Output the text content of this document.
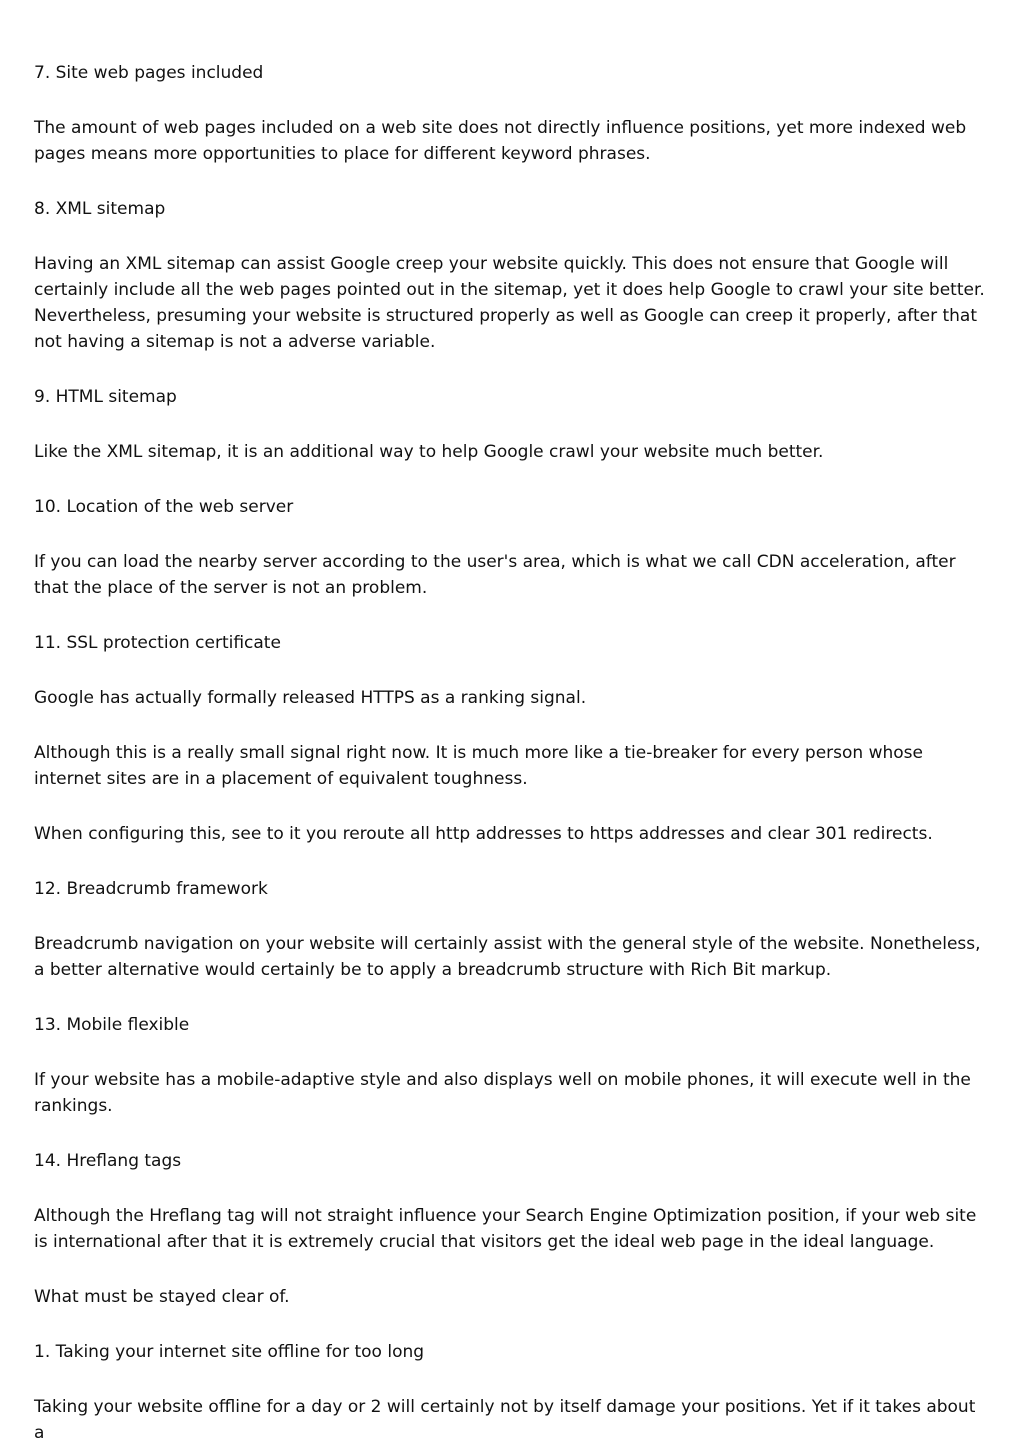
7. Site web pages included

The amount of web pages included on a web site does not directly influence positions, yet more indexed web pages means more opportunities to place for different keyword phrases.

8. XML sitemap

Having an XML sitemap can assist Google creep your website quickly. This does not ensure that Google will certainly include all the web pages pointed out in the sitemap, yet it does help Google to crawl your site better. Nevertheless, presuming your website is structured properly as well as Google can creep it properly, after that not having a sitemap is not a adverse variable.

9. HTML sitemap

Like the XML sitemap, it is an additional way to help Google crawl your website much better.

10. Location of the web server

If you can load the nearby server according to the user's area, which is what we call CDN acceleration, after that the place of the server is not an problem.

11. SSL protection certificate

Google has actually formally released HTTPS as a ranking signal.

Although this is a really small signal right now. It is much more like a tie-breaker for every person whose internet sites are in a placement of equivalent toughness.

When configuring this, see to it you reroute all http addresses to https addresses and clear 301 redirects.

12. Breadcrumb framework

Breadcrumb navigation on your website will certainly assist with the general style of the website. Nonetheless, a better alternative would certainly be to apply a breadcrumb structure with Rich Bit markup.

13. Mobile flexible

If your website has a mobile-adaptive style and also displays well on mobile phones, it will execute well in the rankings.

14. Hreflang tags

Although the Hreflang tag will not straight influence your Search Engine Optimization position, if your web site is international after that it is extremely crucial that visitors get the ideal web page in the ideal language.

What must be stayed clear of.

1. Taking your internet site offline for too long

Taking your website offline for a day or 2 will certainly not by itself damage your positions. Yet if it takes about a
